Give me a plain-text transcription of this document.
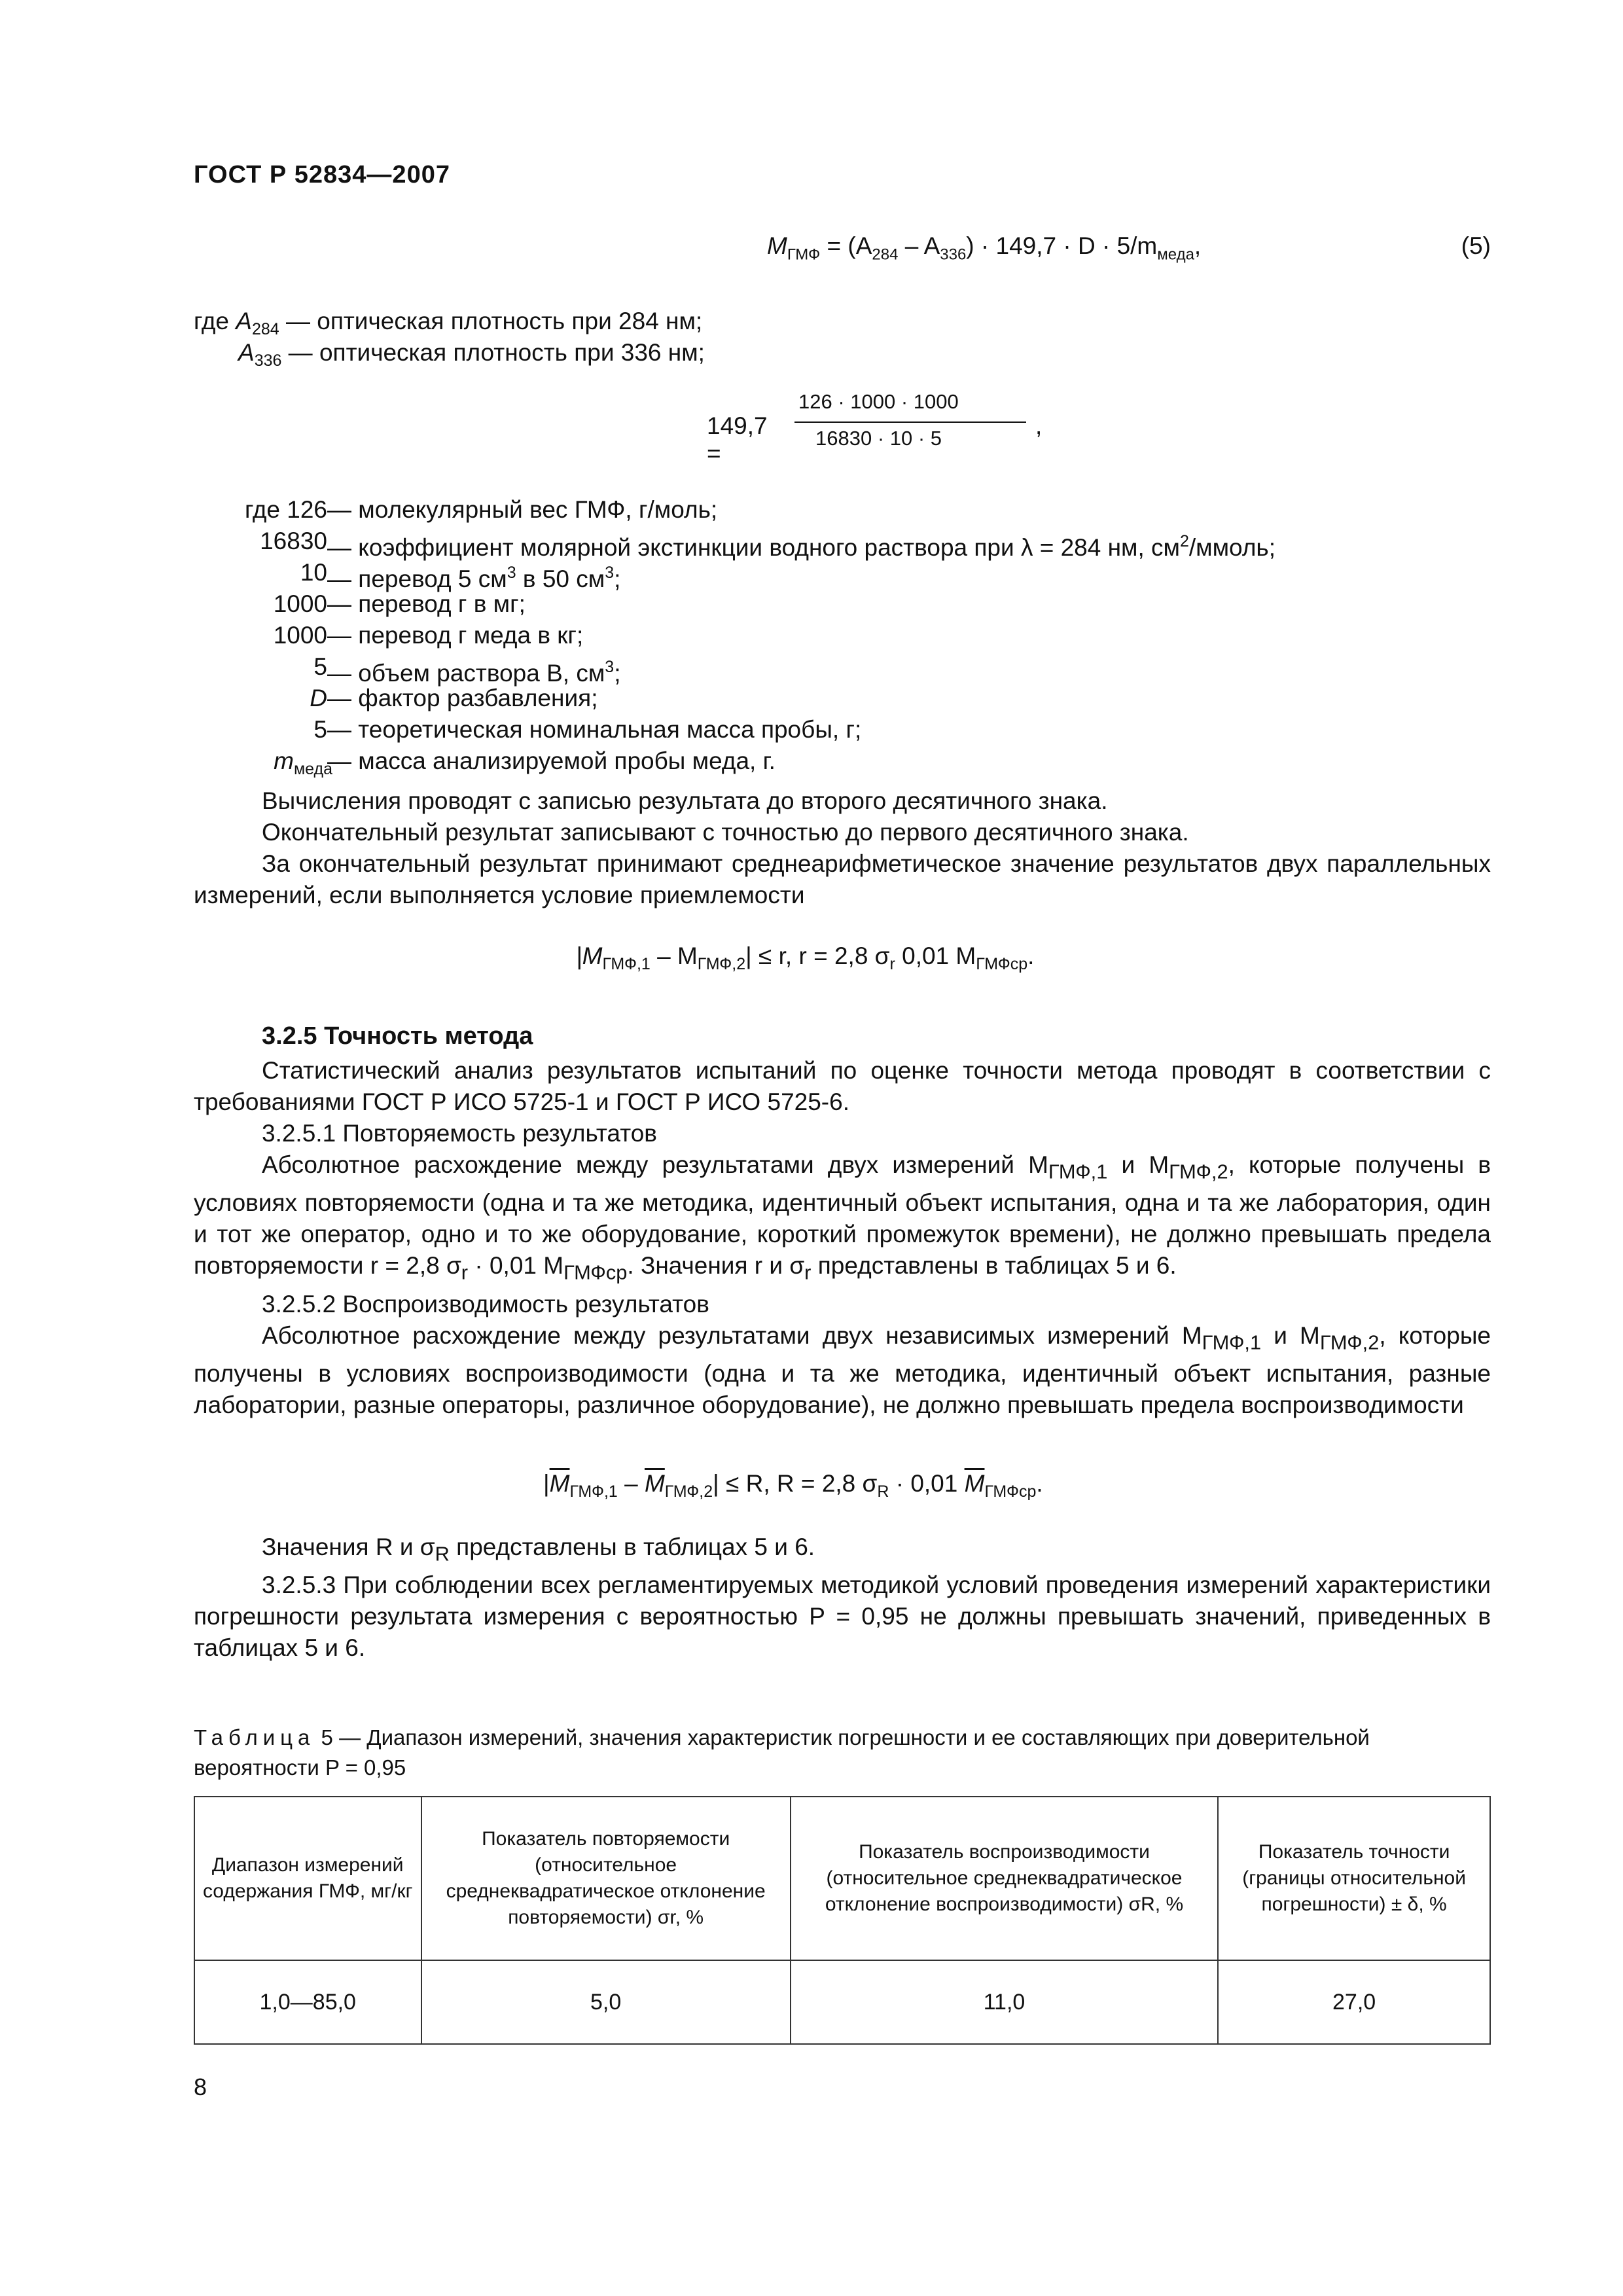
ГОСТ Р 52834—2007
$М_{ГМФ} = (A_{284} - A_{336}) \cdot 149,7 \cdot D \cdot 5/m_{меда}$,	(5)
где $A_{284}$ — оптическая плотность при 284 нм;
$A_{336}$ — оптическая плотность при 336 нм;
149,7 =
126 · 1000 · 1000
16830 · 10 · 5	,
где 126 — молекулярный вес ГМФ, г/моль;
16830 — коэффициент молярной экстинкции водного раствора при λ = 284 нм, $см^2$/ммоль;
10 — перевод 5 $см^3$ в 50 $см^3$;
1000 — перевод г в мг;
1000 — перевод г меда в кг;
5 — объем раствора В, $см^3$;
D — фактор разбавления;
5 — теоретическая номинальная масса пробы, г;
$m_{меда}$
— масса анализируемой пробы меда, г.

Вычисления проводят с записью результата до второго десятичного знака.

Окончательный результат записывают с точностью до первого десятичного знака.

За окончательный результат принимают среднеарифметическое значение результатов двух параллельных измерений, если выполняется условие приемлемости

$|M_{ГМФ,1} - M_{ГМФ,2}| \le r$, r = 2,8 $\sigma_r$ 0,01 $M_{ГМФср}$.
3.2.5 Точность метода

Статистический анализ результатов испытаний по оценке точности метода проводят в соответствии с требованиями ГОСТ Р ИСО 5725-1 и ГОСТ Р ИСО 5725-6.

3.2.5.1 Повторяемость результатов

Абсолютное расхождение между результатами двух измерений $M_{ГМФ,1}$ и $M_{ГМФ,2}$, которые получены в условиях повторяемости (одна и та же методика, идентичный объект испытания, одна и та же лаборатория, один и тот же оператор, одно и то же оборудование, короткий промежуток времени), не должно превышать предела повторяемости r = 2,8 $\sigma_r \cdot 0,01$ $M_{ГМФср}$. Значения r и $\sigma_r$ представлены в таблицах 5 и 6.

3.2.5.2 Воспроизводимость результатов

Абсолютное расхождение между результатами двух независимых измерений $M_{ГМФ,1}$ и $M_{ГМФ,2}$, которые получены в условиях воспроизводимости (одна и та же методика, идентичный объект испытания, разные лаборатории, разные операторы, различное оборудование), не должно превышать предела воспроизводимости

$|\overline{M}_{ГМФ,1} - \overline{M}_{ГМФ,2}| \le R$, R = 2,8 $\sigma_R \cdot 0,01$ $\overline{M}_{ГМФср}$.

Значения R и $\sigma_R$ представлены в таблицах 5 и 6.

3.2.5.3 При соблюдении всех регламентируемых методикой условий проведения измерений характеристики погрешности результата измерения с вероятностью P = 0,95 не должны превышать значений, приведенных в таблицах 5 и 6.

Таблица 5 — Диапазон измерений, значения характеристик погрешности и ее составляющих при доверительной вероятности P = 0,95
Диапазон измерений содержания ГМФ, мг/кг	Показатель повторяемости (относительное среднеквадратическое отклонение повторяемости) σr, %	Показатель воспроизводимости (относительное среднеквадратическое отклонение воспроизводимости) σR, %	Показатель точности (границы относительной погрешности) ± δ, %
1,0—85,0	5,0	11,0	27,0
8
